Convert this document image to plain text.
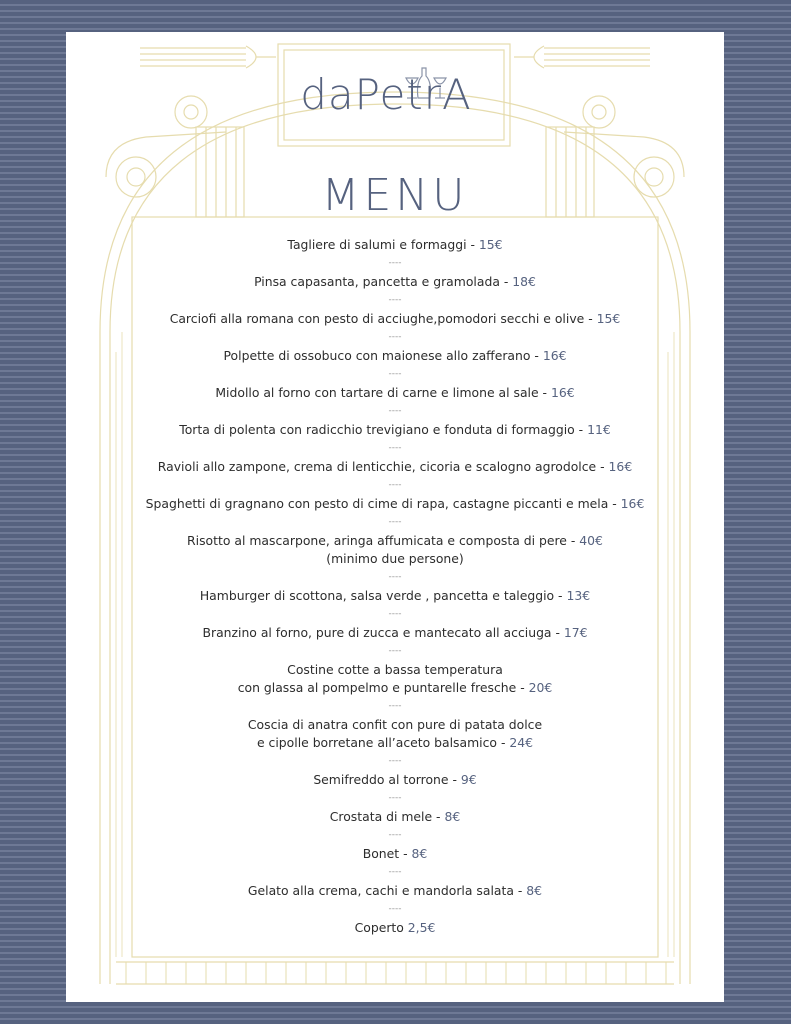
daPetrA
MENU
Tagliere di salumi e formaggi - 15€
----
Pinsa capasanta, pancetta e gramolada - 18€
----
Carciofi alla romana con pesto di acciughe,pomodori secchi e olive - 15€
----
Polpette di ossobuco con maionese allo zafferano - 16€
----
Midollo al forno con tartare di carne e limone al sale - 16€
----
Torta di polenta con radicchio trevigiano e fonduta di formaggio - 11€
----
Ravioli allo zampone, crema di lenticchie, cicoria e scalogno agrodolce - 16€
----
Spaghetti di gragnano con pesto di cime di rapa, castagne piccanti e mela - 16€
----
Risotto al mascarpone, aringa affumicata e composta di pere - 40€
(minimo due persone)
----
Hamburger di scottona, salsa verde , pancetta e taleggio - 13€
----
Branzino al forno, pure di zucca e mantecato all acciuga - 17€
----
Costine cotte a bassa temperatura
con glassa al pompelmo e puntarelle fresche - 20€
----
Coscia di anatra confit con pure di patata dolce
e cipolle borretane all’aceto balsamico - 24€
----
Semifreddo al torrone - 9€
----
Crostata di mele - 8€
----
Bonet - 8€
----
Gelato alla crema, cachi e mandorla salata - 8€
----
Coperto 2,5€
